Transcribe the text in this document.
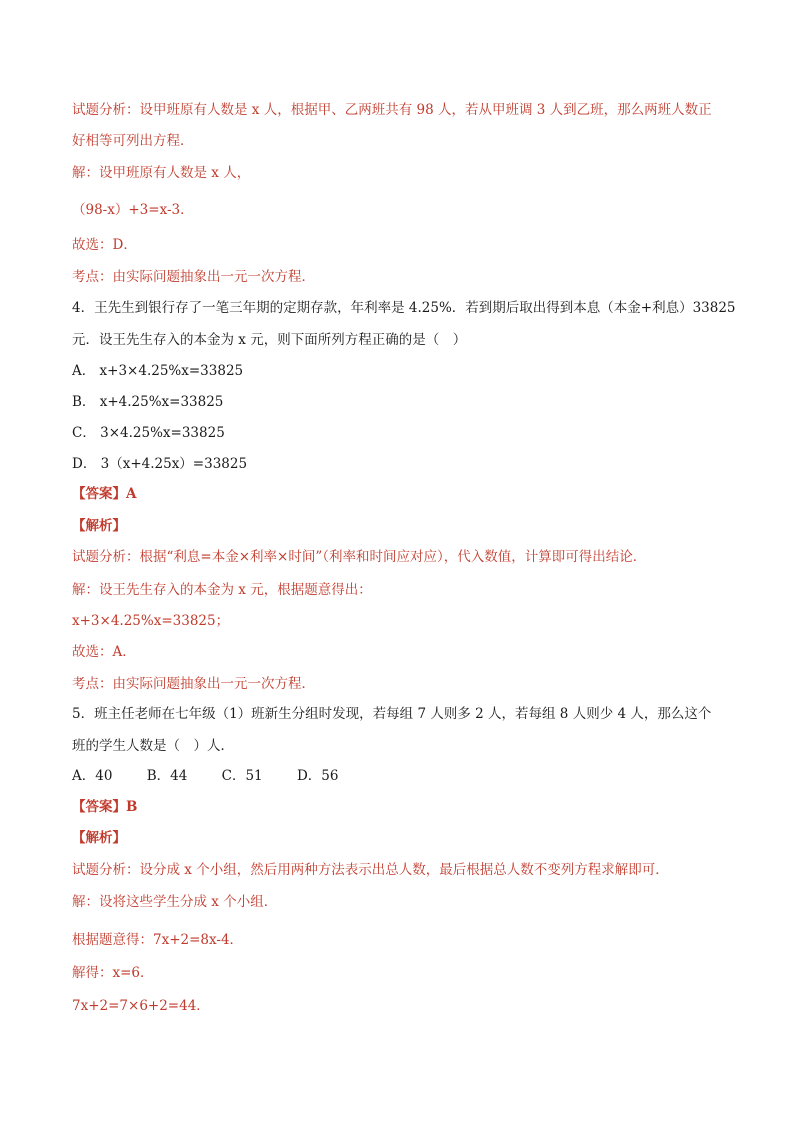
试题分析：设甲班原有人数是 x 人，根据甲、乙两班共有 98 人，若从甲班调 3 人到乙班，那么两班人数正
好相等可列出方程．
解：设甲班原有人数是 x 人，
（98-x）+3=x-3．
故选：D．
考点：由实际问题抽象出一元一次方程．
4．王先生到银行存了一笔三年期的定期存款，年利率是 4.25%．若到期后取出得到本息（本金+利息）33825
元．设王先生存入的本金为 x 元，则下面所列方程正确的是（　）
A． x+3×4.25%x=33825
B． x+4.25%x=33825
C． 3×4.25%x=33825
D． 3（x+4.25x）=33825
【答案】A
【解析】
试题分析：根据“利息=本金×利率×时间”（利率和时间应对应），代入数值，计算即可得出结论．
解：设王先生存入的本金为 x 元，根据题意得出：
x+3×4.25%x=33825；
故选：A．
考点：由实际问题抽象出一元一次方程．
5．班主任老师在七年级（1）班新生分组时发现，若每组 7 人则多 2 人，若每组 8 人则少 4 人，那么这个
班的学生人数是（　）人．
A．40	B．44	C．51	D．56
【答案】B
【解析】
试题分析：设分成 x 个小组，然后用两种方法表示出总人数，最后根据总人数不变列方程求解即可．
解：设将这些学生分成 x 个小组．
根据题意得：7x+2=8x-4．
解得：x=6．
7x+2=7×6+2=44．
